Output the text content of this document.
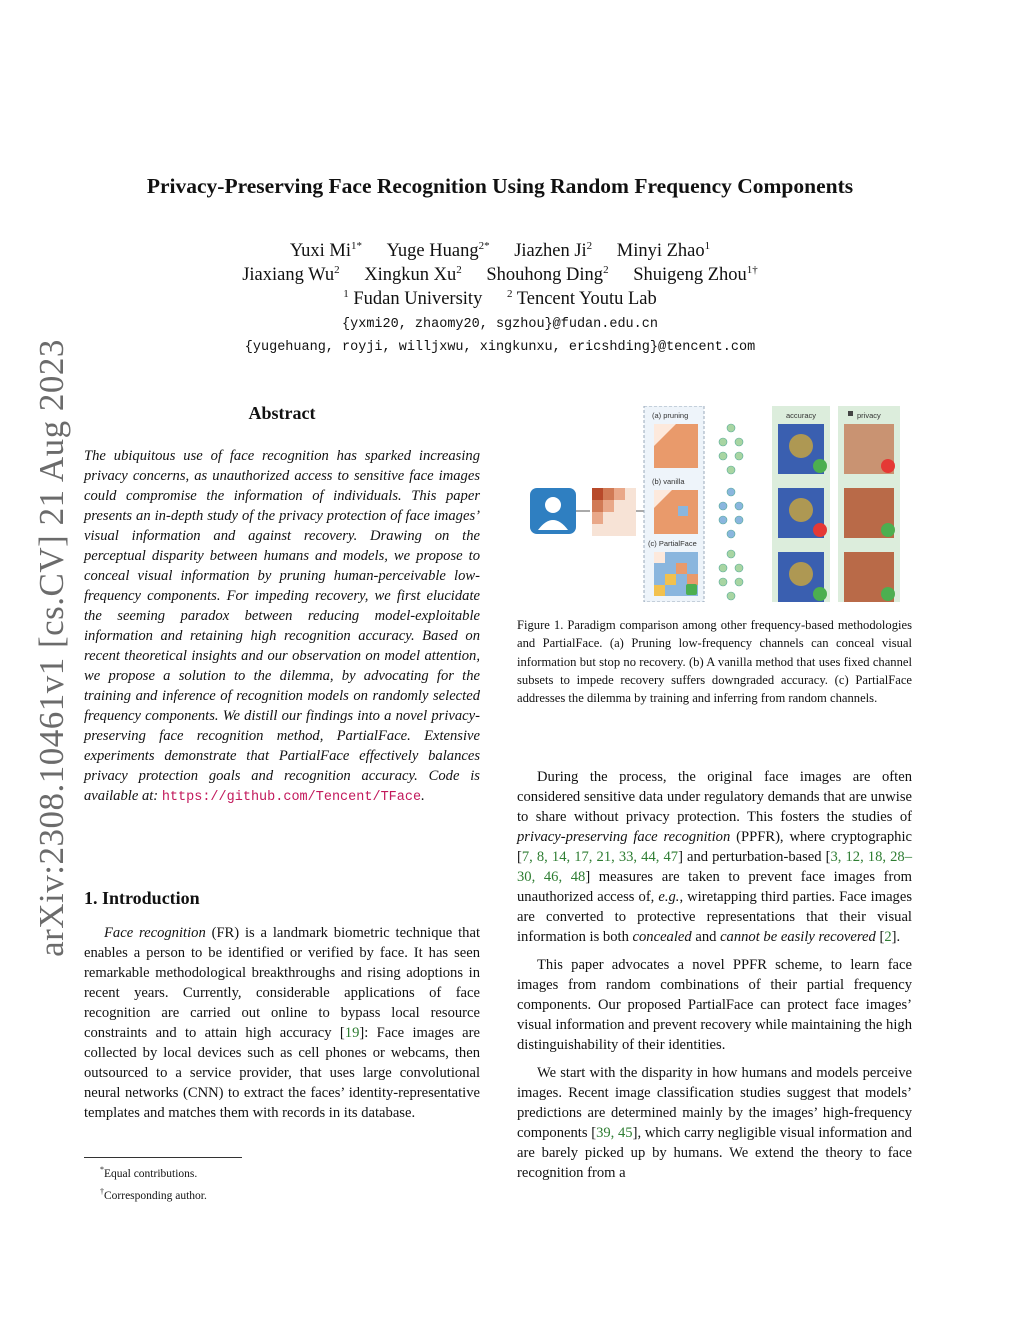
arXiv:2308.10461v1 [cs.CV] 21 Aug 2023
Privacy-Preserving Face Recognition Using Random Frequency Components
Yuxi $Mi^{1*}$ Yuge Huang$^{2*}$ Jiazhen Ji$^2$ Minyi Zhao$^1$
Jiaxiang Wu$^2$ Xingkun Xu$^2$ Shouhong Ding$^2$ Shuigeng Zhou$^{1\dagger}$
$^1$ Fudan University $^2$ Tencent Youtu Lab
{yxmi20, zhaomy20, sgzhou}@fudan.edu.cn
{yugehuang, royji, willjxwu, xingkunxu, ericshding}@tencent.com
Abstract
The ubiquitous use of face recognition has sparked increasing privacy concerns, as unauthorized access to sensitive face images could compromise the information of individuals. This paper presents an in-depth study of the privacy protection of face images’ visual information and against recovery. Drawing on the perceptual disparity between humans and models, we propose to conceal visual information by pruning human-perceivable low-frequency components. For impeding recovery, we first elucidate the seeming paradox between reducing model-exploitable information and retaining high recognition accuracy. Based on recent theoretical insights and our observation on model attention, we propose a solution to the dilemma, by advocating for the training and inference of recognition models on randomly selected frequency components. We distill our findings into a novel privacy-preserving face recognition method, PartialFace. Extensive experiments demonstrate that PartialFace effectively balances privacy protection goals and recognition accuracy. Code is available at: https://github.com/Tencent/TFace.
1. Introduction

Face recognition (FR) is a landmark biometric technique that enables a person to be identified or verified by face. It has seen remarkable methodological breakthroughs and rising adoptions in recent years. Currently, considerable applications of face recognition are carried out online to bypass local resource constraints and to attain high accuracy [19]: Face images are collected by local devices such as cell phones or webcams, then outsourced to a service provider, that uses large convolutional neural networks (CNN) to extract the faces’ identity-representative templates and matches them with records in its database.

*Equal contributions.
†Corresponding author.
(a) pruning
(b) vanilla
(c) PartialFace
accuracy	privacy
Figure 1. Paradigm comparison among other frequency-based methodologies and PartialFace. (a) Pruning low-frequency channels can conceal visual information but stop no recovery. (b) A vanilla method that uses fixed channel subsets to impede recovery suffers downgraded accuracy. (c) PartialFace addresses the dilemma by training and inferring from random channels.

During the process, the original face images are often considered sensitive data under regulatory demands that are unwise to share without privacy protection. This fosters the studies of privacy-preserving face recognition (PPFR), where cryptographic [7, 8, 14, 17, 21, 33, 44, 47] and perturbation-based [3, 12, 18, 28–30, 46, 48] measures are taken to prevent face images from unauthorized access of, e.g., wiretapping third parties. Face images are converted to protective representations that their visual information is both concealed and cannot be easily recovered [2].

This paper advocates a novel PPFR scheme, to learn face images from random combinations of their partial frequency components. Our proposed PartialFace can protect face images’ visual information and prevent recovery while maintaining the high distinguishability of their identities.

We start with the disparity in how humans and models perceive images. Recent image classification studies suggest that models’ predictions are determined mainly by the images’ high-frequency components [39, 45], which carry negligible visual information and are barely picked up by humans. We extend the theory to face recognition from a
